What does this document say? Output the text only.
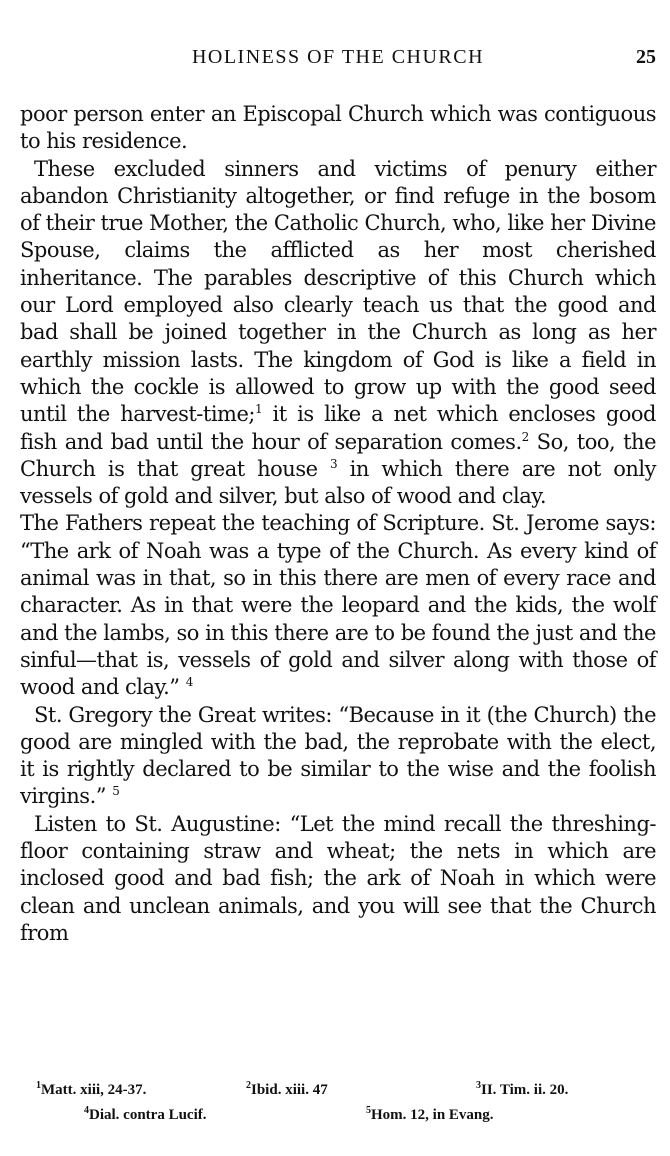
HOLINESS OF THE CHURCH	25

poor person enter an Episcopal Church which was contiguous to his residence.

These excluded sinners and victims of penury either abandon Christianity altogether, or find refuge in the bosom of their true Mother, the Catholic Church, who, like her Divine Spouse, claims the afflicted as her most cherished inheritance. The parables descriptive of this Church which our Lord employed also clearly teach us that the good and bad shall be joined together in the Church as long as her earthly mission lasts. The kingdom of God is like a field in which the cockle is allowed to grow up with the good seed until the harvest-time;$^1$ it is like a net which encloses good fish and bad until the hour of separation comes.$^2$ So, too, the Church is that great house $^3$ in which there are not only vessels of gold and silver, but also of wood and clay.

The Fathers repeat the teaching of Scripture. St. Jerome says: “The ark of Noah was a type of the Church. As every kind of animal was in that, so in this there are men of every race and character. As in that were the leopard and the kids, the wolf and the lambs, so in this there are to be found the just and the sinful—that is, vessels of gold and silver along with those of wood and clay.” $^4$

St. Gregory the Great writes: “Because in it (the Church) the good are mingled with the bad, the reprobate with the elect, it is rightly declared to be similar to the wise and the foolish virgins.” $^5$

Listen to St. Augustine: “Let the mind recall the threshing-floor containing straw and wheat; the nets in which are inclosed good and bad fish; the ark of Noah in which were clean and unclean animals, and you will see that the Church from

$^1$Matt. xiii, 24-37.	$^2$Ibid. xiii. 47	$^3$II. Tim. ii. 20.
$^4$Dial. contra Lucif.	$^5$Hom. 12, in Evang.
